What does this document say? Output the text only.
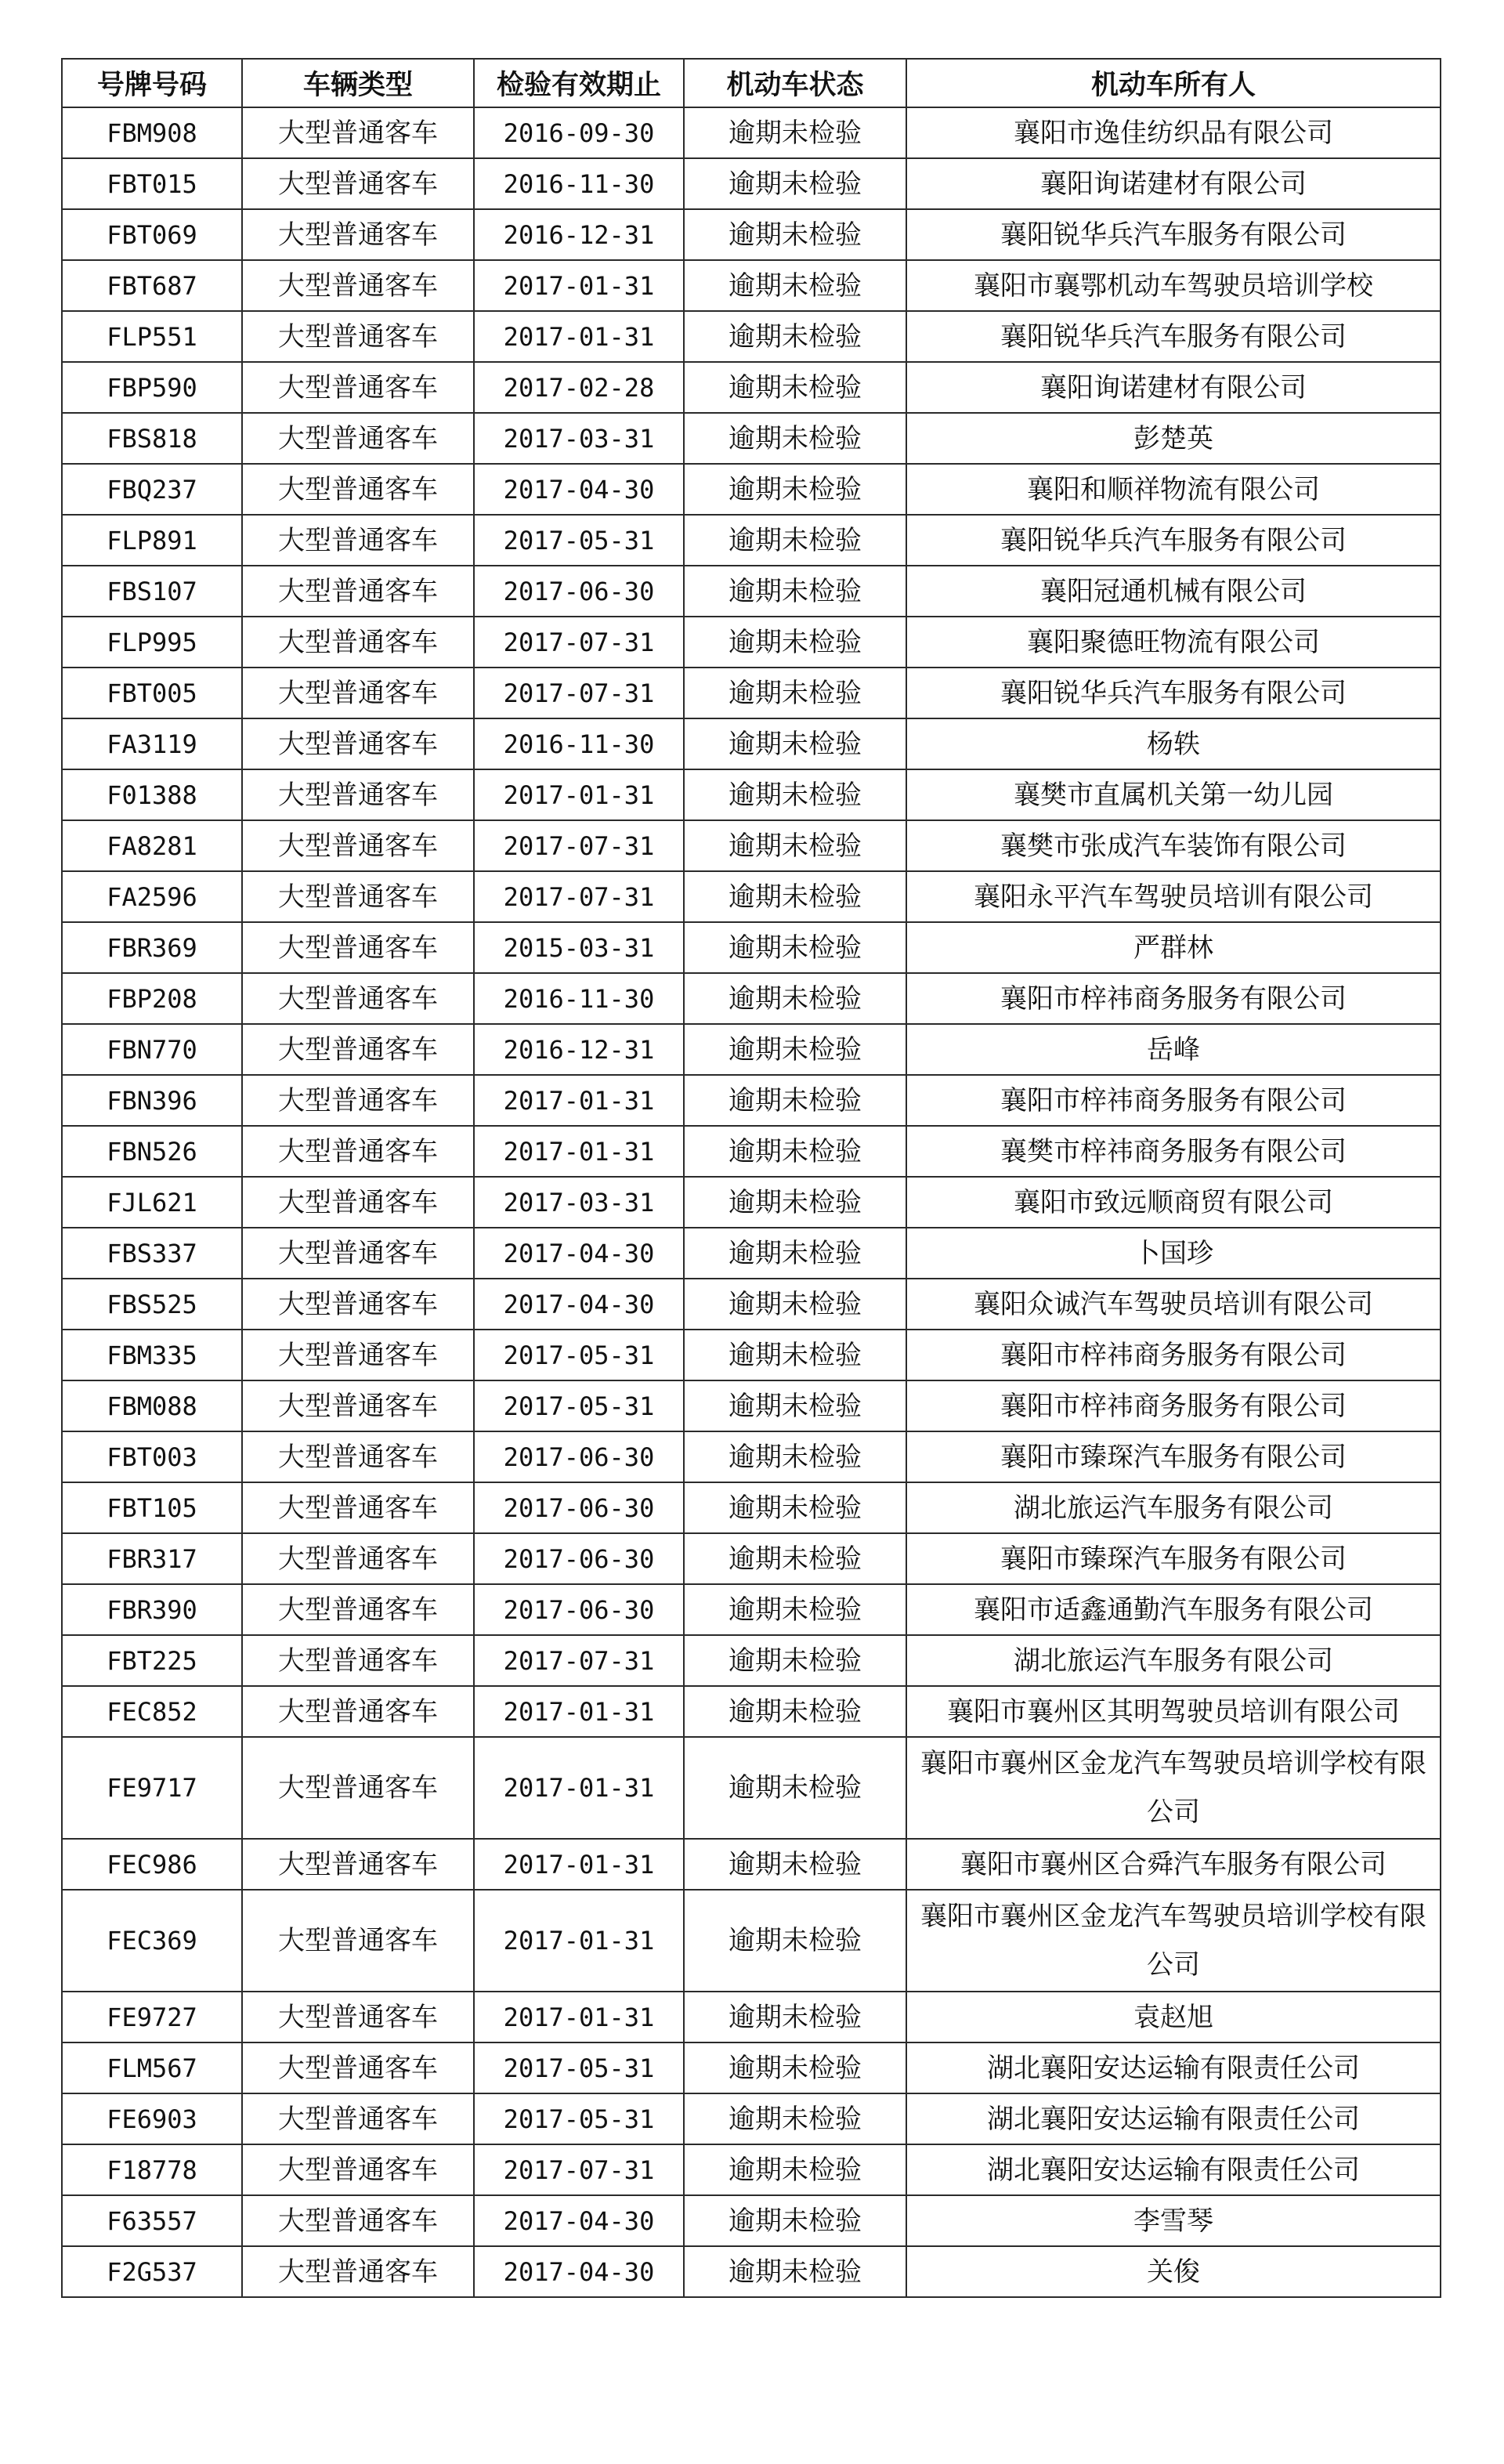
号牌号码	车辆类型	检验有效期止	机动车状态	机动车所有人
FBM908	大型普通客车	2016-09-30	逾期未检验	襄阳市逸佳纺织品有限公司
FBT015	大型普通客车	2016-11-30	逾期未检验	襄阳询诺建材有限公司
FBT069	大型普通客车	2016-12-31	逾期未检验	襄阳锐华兵汽车服务有限公司
FBT687	大型普通客车	2017-01-31	逾期未检验	襄阳市襄鄂机动车驾驶员培训学校
FLP551	大型普通客车	2017-01-31	逾期未检验	襄阳锐华兵汽车服务有限公司
FBP590	大型普通客车	2017-02-28	逾期未检验	襄阳询诺建材有限公司
FBS818	大型普通客车	2017-03-31	逾期未检验	彭楚英
FBQ237	大型普通客车	2017-04-30	逾期未检验	襄阳和顺祥物流有限公司
FLP891	大型普通客车	2017-05-31	逾期未检验	襄阳锐华兵汽车服务有限公司
FBS107	大型普通客车	2017-06-30	逾期未检验	襄阳冠通机械有限公司
FLP995	大型普通客车	2017-07-31	逾期未检验	襄阳聚德旺物流有限公司
FBT005	大型普通客车	2017-07-31	逾期未检验	襄阳锐华兵汽车服务有限公司
FA3119	大型普通客车	2016-11-30	逾期未检验	杨轶
F01388	大型普通客车	2017-01-31	逾期未检验	襄樊市直属机关第一幼儿园
FA8281	大型普通客车	2017-07-31	逾期未检验	襄樊市张成汽车装饰有限公司
FA2596	大型普通客车	2017-07-31	逾期未检验	襄阳永平汽车驾驶员培训有限公司
FBR369	大型普通客车	2015-03-31	逾期未检验	严群林
FBP208	大型普通客车	2016-11-30	逾期未检验	襄阳市梓祎商务服务有限公司
FBN770	大型普通客车	2016-12-31	逾期未检验	岳峰
FBN396	大型普通客车	2017-01-31	逾期未检验	襄阳市梓祎商务服务有限公司
FBN526	大型普通客车	2017-01-31	逾期未检验	襄樊市梓祎商务服务有限公司
FJL621	大型普通客车	2017-03-31	逾期未检验	襄阳市致远顺商贸有限公司
FBS337	大型普通客车	2017-04-30	逾期未检验	卜国珍
FBS525	大型普通客车	2017-04-30	逾期未检验	襄阳众诚汽车驾驶员培训有限公司
FBM335	大型普通客车	2017-05-31	逾期未检验	襄阳市梓祎商务服务有限公司
FBM088	大型普通客车	2017-05-31	逾期未检验	襄阳市梓祎商务服务有限公司
FBT003	大型普通客车	2017-06-30	逾期未检验	襄阳市臻琛汽车服务有限公司
FBT105	大型普通客车	2017-06-30	逾期未检验	湖北旅运汽车服务有限公司
FBR317	大型普通客车	2017-06-30	逾期未检验	襄阳市臻琛汽车服务有限公司
FBR390	大型普通客车	2017-06-30	逾期未检验	襄阳市适鑫通勤汽车服务有限公司
FBT225	大型普通客车	2017-07-31	逾期未检验	湖北旅运汽车服务有限公司
FEC852	大型普通客车	2017-01-31	逾期未检验	襄阳市襄州区其明驾驶员培训有限公司
FE9717	大型普通客车	2017-01-31	逾期未检验	襄阳市襄州区金龙汽车驾驶员培训学校有限公司
FEC986	大型普通客车	2017-01-31	逾期未检验	襄阳市襄州区合舜汽车服务有限公司
FEC369	大型普通客车	2017-01-31	逾期未检验	襄阳市襄州区金龙汽车驾驶员培训学校有限公司
FE9727	大型普通客车	2017-01-31	逾期未检验	袁赵旭
FLM567	大型普通客车	2017-05-31	逾期未检验	湖北襄阳安达运输有限责任公司
FE6903	大型普通客车	2017-05-31	逾期未检验	湖北襄阳安达运输有限责任公司
F18778	大型普通客车	2017-07-31	逾期未检验	湖北襄阳安达运输有限责任公司
F63557	大型普通客车	2017-04-30	逾期未检验	李雪琴
F2G537	大型普通客车	2017-04-30	逾期未检验	关俊
